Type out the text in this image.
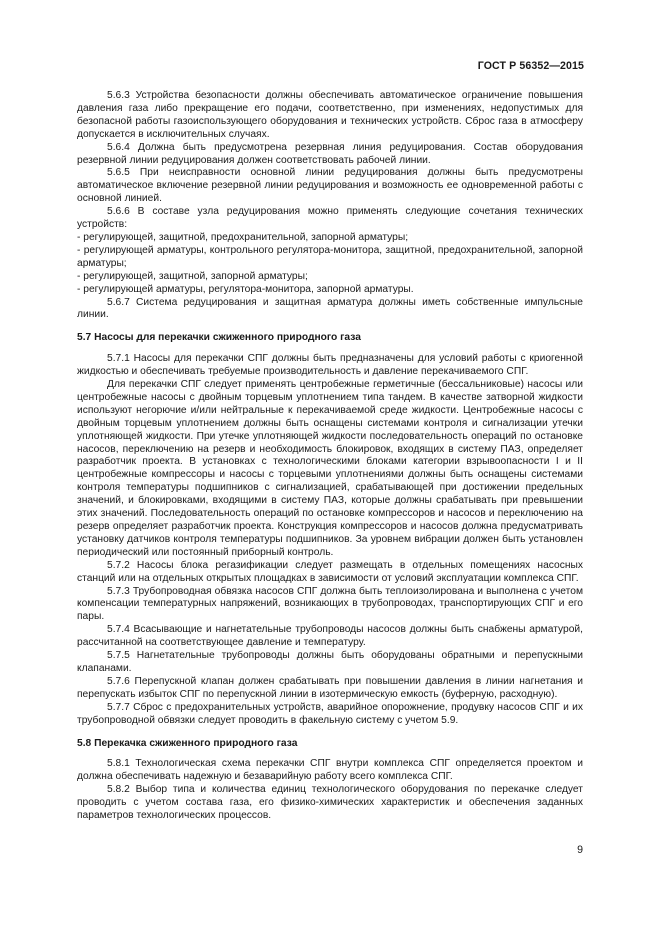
ГОСТ Р 56352—2015

5.6.3 Устройства безопасности должны обеспечивать автоматическое ограничение повышения давления газа либо прекращение его подачи, соответственно, при изменениях, недопустимых для безопасной работы газоиспользующего оборудования и технических устройств. Сброс газа в атмосферу допускается в исключительных случаях.

5.6.4 Должна быть предусмотрена резервная линия редуцирования. Состав оборудования резервной линии редуцирования должен соответствовать рабочей линии.

5.6.5 При неисправности основной линии редуцирования должны быть предусмотрены автоматическое включение резервной линии редуцирования и возможность ее одновременной работы с основной линией.

5.6.6 В составе узла редуцирования можно применять следующие сочетания технических устройств:

- регулирующей, защитной, предохранительной, запорной арматуры;

- регулирующей арматуры, контрольного регулятора-монитора, защитной, предохранительной, запорной арматуры;

- регулирующей, защитной, запорной арматуры;

- регулирующей арматуры, регулятора-монитора, запорной арматуры.

5.6.7 Система редуцирования и защитная арматура должны иметь собственные импульсные линии.

5.7 Насосы для перекачки сжиженного природного газа

5.7.1 Насосы для перекачки СПГ должны быть предназначены для условий работы с криогенной жидкостью и обеспечивать требуемые производительность и давление перекачиваемого СПГ.

Для перекачки СПГ следует применять центробежные герметичные (бессальниковые) насосы или центробежные насосы с двойным торцевым уплотнением типа тандем. В качестве затворной жидкости используют негорючие и/или нейтральные к перекачиваемой среде жидкости. Центробежные насосы с двойным торцевым уплотнением должны быть оснащены системами контроля и сигнализации утечки уплотняющей жидкости. При утечке уплотняющей жидкости последовательность операций по остановке насосов, переключению на резерв и необходимость блокировок, входящих в систему ПАЗ, определяет разработчик проекта. В установках с технологическими блоками категории взрывоопасности I и II центробежные компрессоры и насосы с торцевыми уплотнениями должны быть оснащены системами контроля температуры подшипников с сигнализацией, срабатывающей при достижении предельных значений, и блокировками, входящими в систему ПАЗ, которые должны срабатывать при превышении этих значений. Последовательность операций по остановке компрессоров и насосов и переключению на резерв определяет разработчик проекта. Конструкция компрессоров и насосов должна предусматривать установку датчиков контроля температуры подшипников. За уровнем вибрации должен быть установлен периодический или постоянный приборный контроль.

5.7.2 Насосы блока регазификации следует размещать в отдельных помещениях насосных станций или на отдельных открытых площадках в зависимости от условий эксплуатации комплекса СПГ.

5.7.3 Трубопроводная обвязка насосов СПГ должна быть теплоизолирована и выполнена с учетом компенсации температурных напряжений, возникающих в трубопроводах, транспортирующих СПГ и его пары.

5.7.4 Всасывающие и нагнетательные трубопроводы насосов должны быть снабжены арматурой, рассчитанной на соответствующее давление и температуру.

5.7.5 Нагнетательные трубопроводы должны быть оборудованы обратными и перепускными клапанами.

5.7.6 Перепускной клапан должен срабатывать при повышении давления в линии нагнетания и перепускать избыток СПГ по перепускной линии в изотермическую емкость (буферную, расходную).

5.7.7 Сброс с предохранительных устройств, аварийное опорожнение, продувку насосов СПГ и их трубопроводной обвязки следует проводить в факельную систему с учетом 5.9.

5.8 Перекачка сжиженного природного газа

5.8.1 Технологическая схема перекачки СПГ внутри комплекса СПГ определяется проектом и должна обеспечивать надежную и безаварийную работу всего комплекса СПГ.

5.8.2 Выбор типа и количества единиц технологического оборудования по перекачке следует проводить с учетом состава газа, его физико-химических характеристик и обеспечения заданных параметров технологических процессов.

9
